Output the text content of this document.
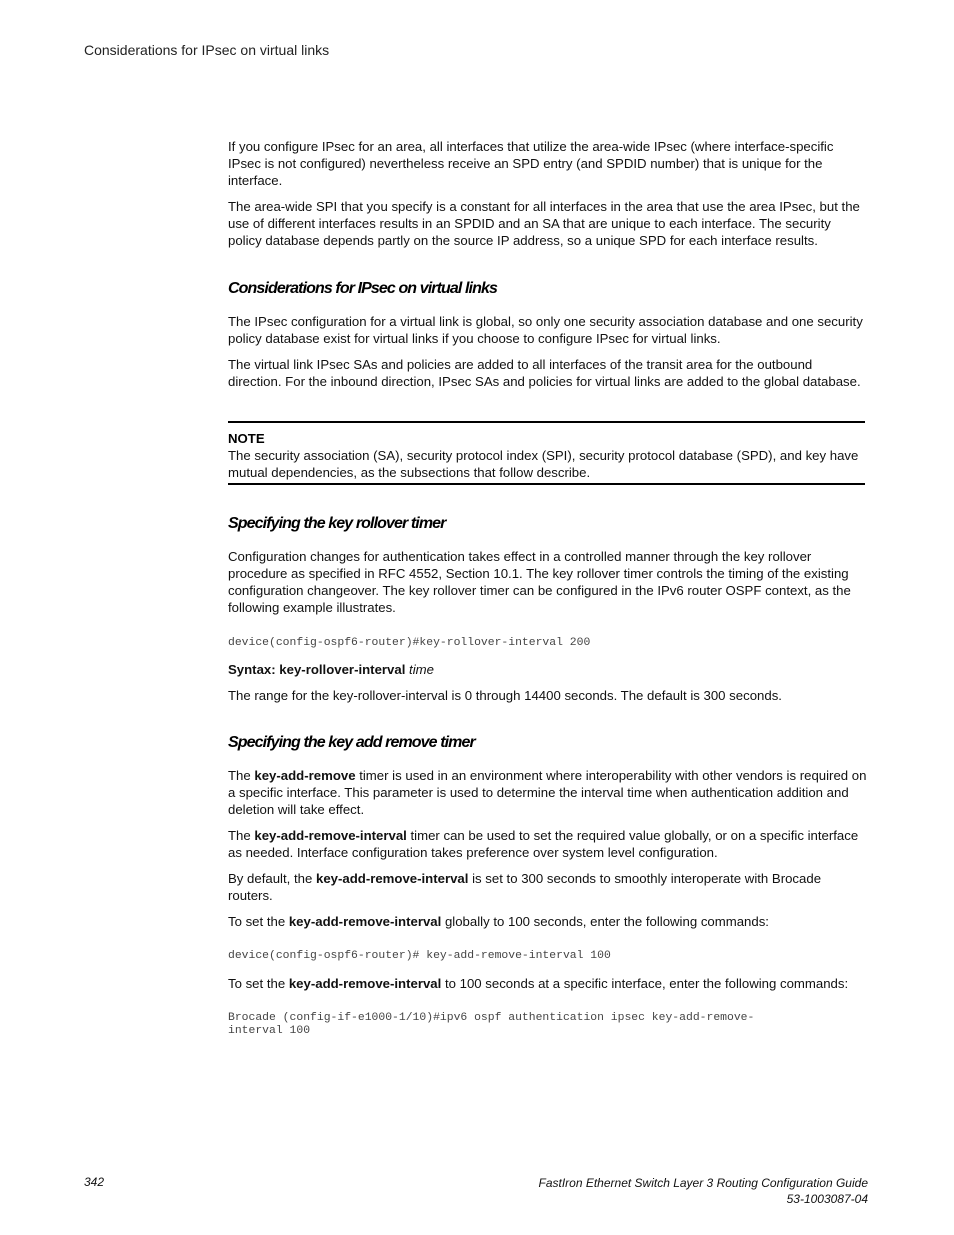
Considerations for IPsec on virtual links

If you configure IPsec for an area, all interfaces that utilize the area-wide IPsec (where interface-specific IPsec is not configured) nevertheless receive an SPD entry (and SPDID number) that is unique for the interface.

The area-wide SPI that you specify is a constant for all interfaces in the area that use the area IPsec, but the use of different interfaces results in an SPDID and an SA that are unique to each interface. The security policy database depends partly on the source IP address, so a unique SPD for each interface results.

Considerations for IPsec on virtual links

The IPsec configuration for a virtual link is global, so only one security association database and one security policy database exist for virtual links if you choose to configure IPsec for virtual links.

The virtual link IPsec SAs and policies are added to all interfaces of the transit area for the outbound direction. For the inbound direction, IPsec SAs and policies for virtual links are added to the global database.

NOTE

The security association (SA), security protocol index (SPI), security protocol database (SPD), and key have mutual dependencies, as the subsections that follow describe.

Specifying the key rollover timer

Configuration changes for authentication takes effect in a controlled manner through the key rollover procedure as specified in RFC 4552, Section 10.1. The key rollover timer controls the timing of the existing configuration changeover. The key rollover timer can be configured in the IPv6 router OSPF context, as the following example illustrates.

device(config-ospf6-router)#key-rollover-interval 200

Syntax: key-rollover-interval time

The range for the key-rollover-interval is 0 through 14400 seconds. The default is 300 seconds.

Specifying the key add remove timer

The key-add-remove timer is used in an environment where interoperability with other vendors is required on a specific interface. This parameter is used to determine the interval time when authentication addition and deletion will take effect.

The key-add-remove-interval timer can be used to set the required value globally, or on a specific interface as needed. Interface configuration takes preference over system level configuration.

By default, the key-add-remove-interval is set to 300 seconds to smoothly interoperate with Brocade routers.

To set the key-add-remove-interval globally to 100 seconds, enter the following commands:

device(config-ospf6-router)# key-add-remove-interval 100

To set the key-add-remove-interval to 100 seconds at a specific interface, enter the following commands:

Brocade (config-if-e1000-1/10)#ipv6 ospf authentication ipsec key-add-remove-
interval 100
342	FastIron Ethernet Switch Layer 3 Routing Configuration Guide
53-1003087-04
